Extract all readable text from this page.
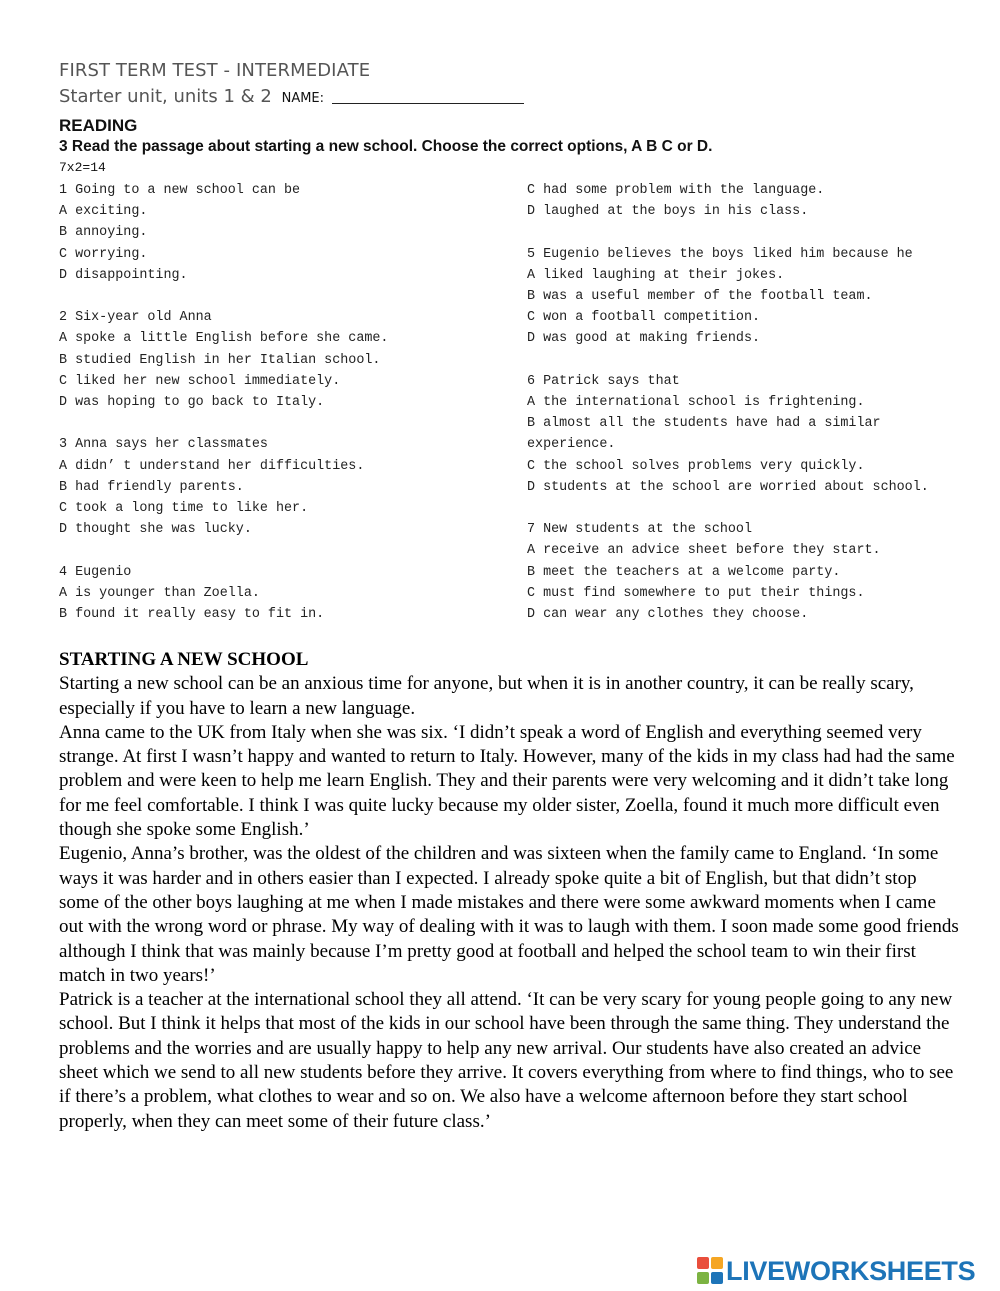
FIRST TERM TEST - INTERMEDIATE
Starter unit, units 1 & 2 NAME:
READING
3 Read the passage about starting a new school. Choose the correct options, A B C or D.
7x2=14
1 Going to a new school can be
A exciting.
B annoying.
C worrying.
D disappointing.
2 Six-year old Anna
A spoke a little English before she came.
B studied English in her Italian school.
C liked her new school immediately.
D was hoping to go back to Italy.
3 Anna says her classmates
A didn’ t understand her difficulties.
B had friendly parents.
C took a long time to like her.
D thought she was lucky.
4 Eugenio
A is younger than Zoella.
B found it really easy to fit in.
C had some problem with the language.
D laughed at the boys in his class.
5 Eugenio believes the boys liked him because he
A liked laughing at their jokes.
B was a useful member of the football team.
C won a football competition.
D was good at making friends.
6 Patrick says that
A the international school is frightening.
B almost all the students have had a similar
experience.
C the school solves problems very quickly.
D students at the school are worried about school.
7 New students at the school
A receive an advice sheet before they start.
B meet the teachers at a welcome party.
C must find somewhere to put their things.
D can wear any clothes they choose.
STARTING A NEW SCHOOL

Starting a new school can be an anxious time for anyone, but when it is in another country, it can be really scary, especially if you have to learn a new language.

Anna came to the UK from Italy when she was six. ‘I didn’t speak a word of English and everything seemed very strange. At first I wasn’t happy and wanted to return to Italy. However, many of the kids in my class had had the same problem and were keen to help me learn English. They and their parents were very welcoming and it didn’t take long for me feel comfortable. I think I was quite lucky because my older sister, Zoella, found it much more difficult even though she spoke some English.’

Eugenio, Anna’s brother, was the oldest of the children and was sixteen when the family came to England. ‘In some ways it was harder and in others easier than I expected. I already spoke quite a bit of English, but that didn’t stop some of the other boys laughing at me when I made mistakes and there were some awkward moments when I came out with the wrong word or phrase. My way of dealing with it was to laugh with them. I soon made some good friends although I think that was mainly because I’m pretty good at football and helped the school team to win their first match in two years!’

Patrick is a teacher at the international school they all attend. ‘It can be very scary for young people going to any new school. But I think it helps that most of the kids in our school have been through the same thing. They understand the problems and the worries and are usually happy to help any new arrival. Our students have also created an advice sheet which we send to all new students before they arrive. It covers everything from where to find things, who to see if there’s a problem, what clothes to wear and so on. We also have a welcome afternoon before they start school properly, when they can meet some of their future class.’

LIVEWORKSHEETS
